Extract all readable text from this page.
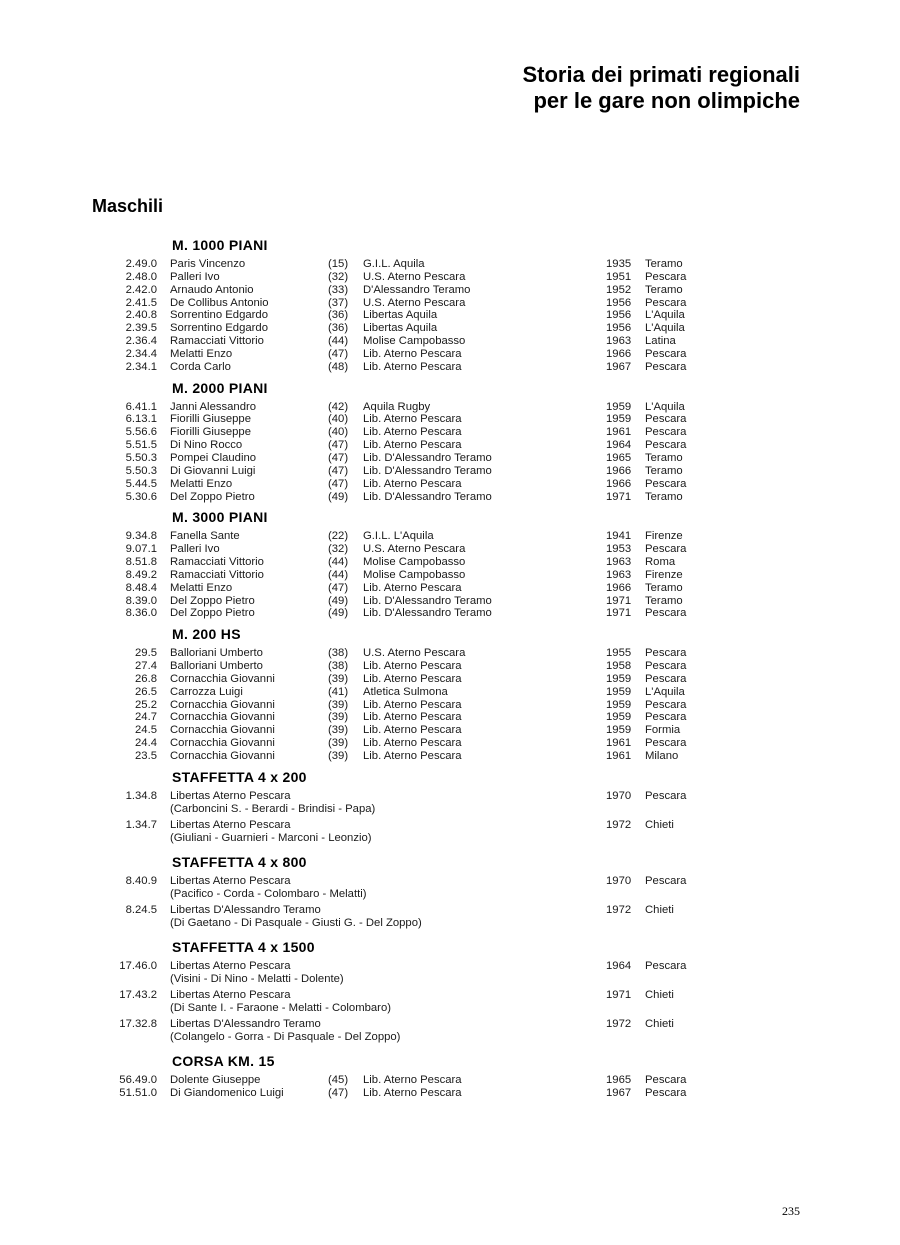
Storia dei primati regionali
per le gare non olimpiche
Maschili
M. 1000 PIANI
2.49.0 Paris Vincenzo	(15) G.I.L. Aquila	1935 Teramo
2.48.0 Palleri Ivo	(32) U.S. Aterno Pescara	1951 Pescara
2.42.0 Arnaudo Antonio	(33) D'Alessandro Teramo	1952 Teramo
2.41.5 De Collibus Antonio	(37) U.S. Aterno Pescara	1956 Pescara
2.40.8 Sorrentino Edgardo	(36) Libertas Aquila	1956 L'Aquila
2.39.5 Sorrentino Edgardo	(36) Libertas Aquila	1956 L'Aquila
2.36.4 Ramacciati Vittorio	(44) Molise Campobasso	1963 Latina
2.34.4 Melatti Enzo	(47) Lib. Aterno Pescara	1966 Pescara
2.34.1 Corda Carlo	(48) Lib. Aterno Pescara	1967 Pescara
M. 2000 PIANI
6.41.1 Janni Alessandro	(42) Aquila Rugby	1959 L'Aquila
6.13.1 Fiorilli Giuseppe	(40) Lib. Aterno Pescara	1959 Pescara
5.56.6 Fiorilli Giuseppe	(40) Lib. Aterno Pescara	1961 Pescara
5.51.5 Di Nino Rocco	(47) Lib. Aterno Pescara	1964 Pescara
5.50.3 Pompei Claudino	(47) Lib. D'Alessandro Teramo	1965 Teramo
5.50.3 Di Giovanni Luigi	(47) Lib. D'Alessandro Teramo	1966 Teramo
5.44.5 Melatti Enzo	(47) Lib. Aterno Pescara	1966 Pescara
5.30.6 Del Zoppo Pietro	(49) Lib. D'Alessandro Teramo	1971 Teramo
M. 3000 PIANI
9.34.8 Fanella Sante	(22) G.I.L. L'Aquila	1941 Firenze
9.07.1 Palleri Ivo	(32) U.S. Aterno Pescara	1953 Pescara
8.51.8 Ramacciati Vittorio	(44) Molise Campobasso	1963 Roma
8.49.2 Ramacciati Vittorio	(44) Molise Campobasso	1963 Firenze
8.48.4 Melatti Enzo	(47) Lib. Aterno Pescara	1966 Teramo
8.39.0 Del Zoppo Pietro	(49) Lib. D'Alessandro Teramo	1971 Teramo
8.36.0 Del Zoppo Pietro	(49) Lib. D'Alessandro Teramo	1971 Pescara
M. 200 HS
29.5 Balloriani Umberto	(38) U.S. Aterno Pescara	1955 Pescara
27.4 Balloriani Umberto	(38) Lib. Aterno Pescara	1958 Pescara
26.8 Cornacchia Giovanni	(39) Lib. Aterno Pescara	1959 Pescara
26.5 Carrozza Luigi	(41) Atletica Sulmona	1959 L'Aquila
25.2 Cornacchia Giovanni	(39) Lib. Aterno Pescara	1959 Pescara
24.7 Cornacchia Giovanni	(39) Lib. Aterno Pescara	1959 Pescara
24.5 Cornacchia Giovanni	(39) Lib. Aterno Pescara	1959 Formia
24.4 Cornacchia Giovanni	(39) Lib. Aterno Pescara	1961 Pescara
23.5 Cornacchia Giovanni	(39) Lib. Aterno Pescara	1961 Milano
STAFFETTA 4 x 200
1.34.8 Libertas Aterno Pescara	1970 Pescara
(Carboncini S. - Berardi - Brindisi - Papa)
1.34.7 Libertas Aterno Pescara	1972 Chieti
(Giuliani - Guarnieri - Marconi - Leonzio)
STAFFETTA 4 x 800
8.40.9 Libertas Aterno Pescara	1970 Pescara
(Pacifico - Corda - Colombaro - Melatti)
8.24.5 Libertas D'Alessandro Teramo	1972 Chieti
(Di Gaetano - Di Pasquale - Giusti G. - Del Zoppo)
STAFFETTA 4 x 1500
17.46.0 Libertas Aterno Pescara	1964 Pescara
(Visini - Di Nino - Melatti - Dolente)
17.43.2 Libertas Aterno Pescara	1971 Chieti
(Di Sante I. - Faraone - Melatti - Colombaro)
17.32.8 Libertas D'Alessandro Teramo	1972 Chieti
(Colangelo - Gorra - Di Pasquale - Del Zoppo)
CORSA KM. 15
56.49.0 Dolente Giuseppe	(45) Lib. Aterno Pescara	1965 Pescara
51.51.0 Di Giandomenico Luigi	(47) Lib. Aterno Pescara	1967 Pescara
235
